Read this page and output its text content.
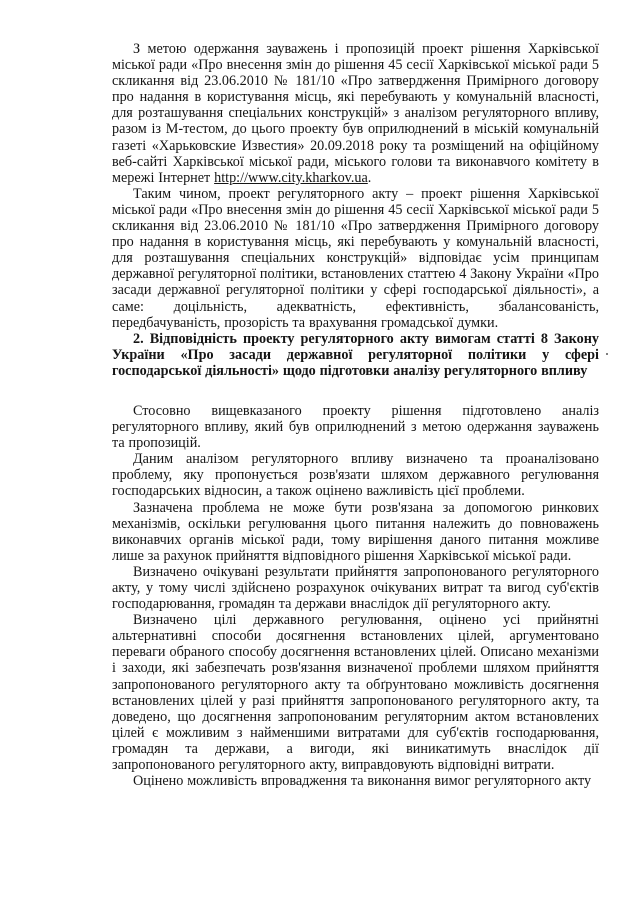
З метою одержання зауважень і пропозицій проект рішення Харківської міської ради «Про внесення змін до рішення 45 сесії Харківської міської ради 5 скликання від 23.06.2010 № 181/10 «Про затвердження Примірного договору про надання в користування місць, які перебувають у комунальній власності, для розташування спеціальних конструкцій» з аналізом регуляторного впливу, разом із М-тестом, до цього проекту був оприлюднений в міській комунальній газеті «Харьковские Известия» 20.09.2018 року та розміщений на офіційному веб-сайті Харківської міської ради, міського голови та виконавчого комітету в мережі Інтернет http://www.city.kharkov.ua.

Таким чином, проект регуляторного акту – проект рішення Харківської міської ради «Про внесення змін до рішення 45 сесії Харківської міської ради 5 скликання від 23.06.2010 № 181/10 «Про затвердження Примірного договору про надання в користування місць, які перебувають у комунальній власності, для розташування спеціальних конструкцій» відповідає усім принципам державної регуляторної політики, встановлених статтею 4 Закону України «Про засади державної регуляторної політики у сфері господарської діяльності», а саме: доцільність, адекватність, ефективність, збалансованість, передбачуваність, прозорість та врахування громадської думки.

2. Відповідність проекту регуляторного акту вимогам статті 8 Закону України «Про засади державної регуляторної політики у сфері господарської діяльності» щодо підготовки аналізу регуляторного впливу

Стосовно вищевказаного проекту рішення підготовлено аналіз регуляторного впливу, який був оприлюднений з метою одержання зауважень та пропозицій.

Даним аналізом регуляторного впливу визначено та проаналізовано проблему, яку пропонується розв'язати шляхом державного регулювання господарських відносин, а також оцінено важливість цієї проблеми.

Зазначена проблема не може бути розв'язана за допомогою ринкових механізмів, оскільки регулювання цього питання належить до повноважень виконавчих органів міської ради, тому вирішення даного питання можливе лише за рахунок прийняття відповідного рішення Харківської міської ради.

Визначено очікувані результати прийняття запропонованого регуляторного акту, у тому числі здійснено розрахунок очікуваних витрат та вигод суб'єктів господарювання, громадян та держави внаслідок дії регуляторного акту.

Визначено цілі державного регулювання, оцінено усі прийнятні альтернативні способи досягнення встановлених цілей, аргументовано переваги обраного способу досягнення встановлених цілей. Описано механізми і заходи, які забезпечать розв'язання визначеної проблеми шляхом прийняття запропонованого регуляторного акту та обґрунтовано можливість досягнення встановлених цілей у разі прийняття запропонованого регуляторного акту, та доведено, що досягнення запропонованим регуляторним актом встановлених цілей є можливим з найменшими витратами для суб'єктів господарювання, громадян та держави, а вигоди, які виникатимуть внаслідок дії запропонованого регуляторного акту, виправдовують відповідні витрати.

Оцінено можливість впровадження та виконання вимог регуляторного акту
